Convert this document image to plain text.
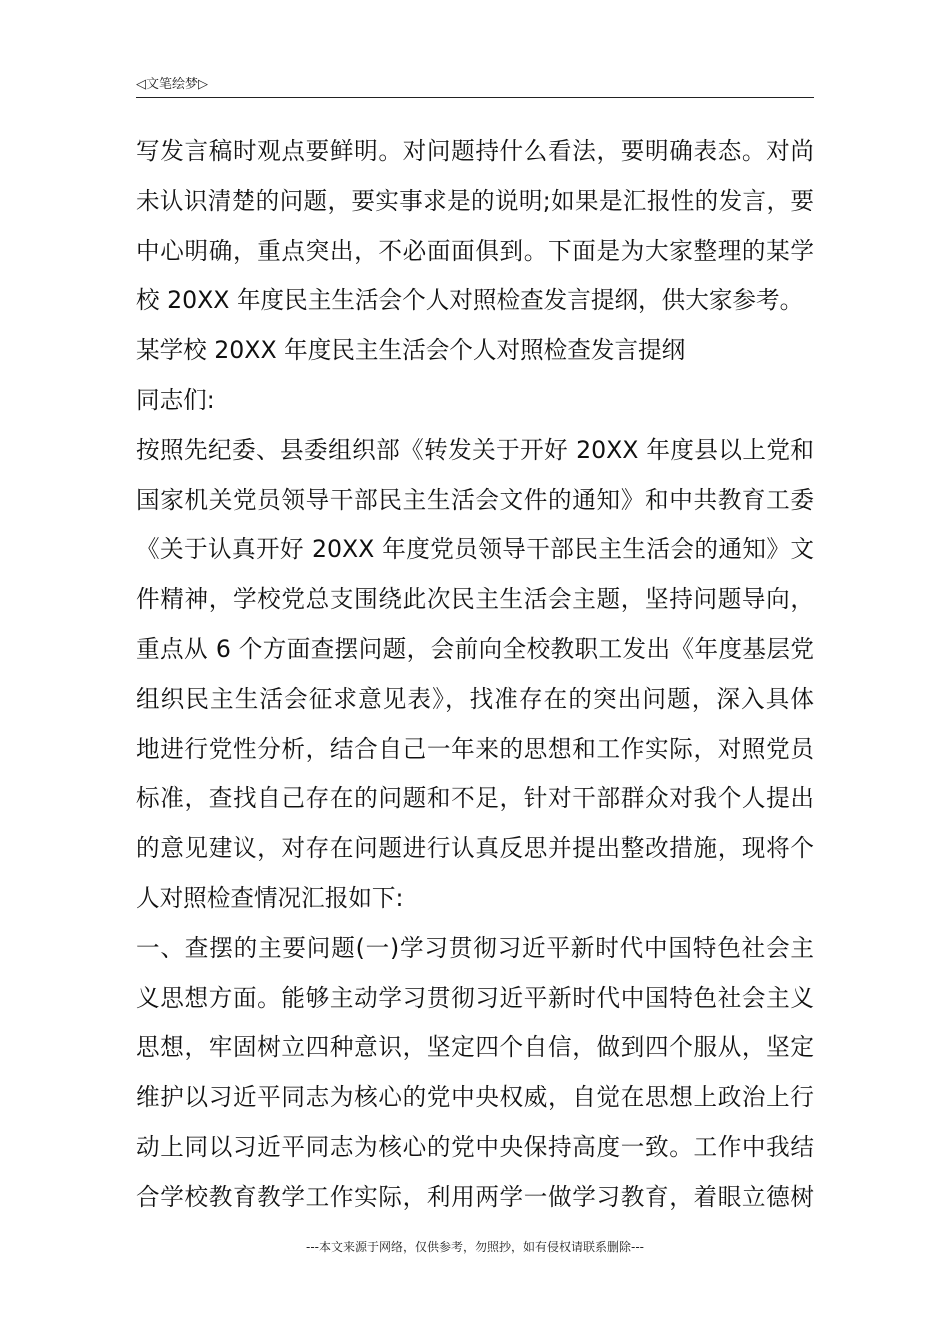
◁文笔绘梦▷
写发言稿时观点要鲜明。对问题持什么看法，要明确表态。对尚
未认识清楚的问题，要实事求是的说明;如果是汇报性的发言，要
中心明确，重点突出，不必面面俱到。下面是为大家整理的某学
校 20XX 年度民主生活会个人对照检查发言提纲，供大家参考。
某学校 20XX 年度民主生活会个人对照检查发言提纲
同志们:
按照先纪委、县委组织部《转发关于开好 20XX 年度县以上党和
国家机关党员领导干部民主生活会文件的通知》和中共教育工委
《关于认真开好 20XX 年度党员领导干部民主生活会的通知》文
件精神，学校党总支围绕此次民主生活会主题，坚持问题导向，
重点从 6 个方面查摆问题，会前向全校教职工发出《年度基层党
组织民主生活会征求意见表》，找准存在的突出问题，深入具体
地进行党性分析，结合自己一年来的思想和工作实际，对照党员
标准，查找自己存在的问题和不足，针对干部群众对我个人提出
的意见建议，对存在问题进行认真反思并提出整改措施，现将个
人对照检查情况汇报如下:
一、查摆的主要问题(一)学习贯彻习近平新时代中国特色社会主
义思想方面。能够主动学习贯彻习近平新时代中国特色社会主义
思想，牢固树立四种意识，坚定四个自信，做到四个服从，坚定
维护以习近平同志为核心的党中央权威，自觉在思想上政治上行
动上同以习近平同志为核心的党中央保持高度一致。工作中我结
合学校教育教学工作实际，利用两学一做学习教育，着眼立德树
---本文来源于网络，仅供参考，勿照抄，如有侵权请联系删除---
